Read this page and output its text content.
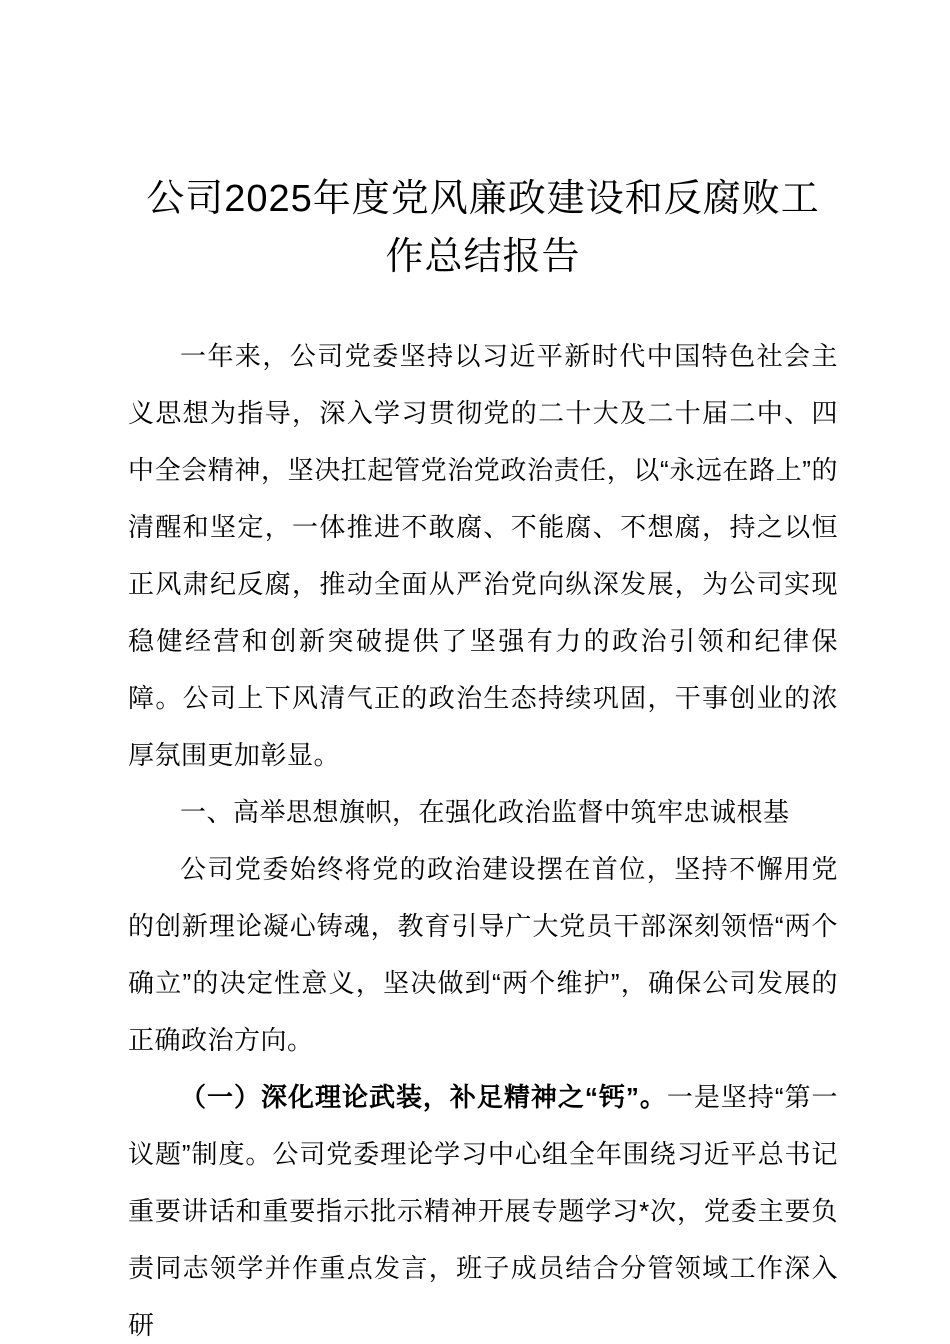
公司2025年度党风廉政建设和反腐败工作总结报告

一年来，公司党委坚持以习近平新时代中国特色社会主义思想为指导，深入学习贯彻党的二十大及二十届二中、四中全会精神，坚决扛起管党治党政治责任，以“永远在路上”的清醒和坚定，一体推进不敢腐、不能腐、不想腐，持之以恒正风肃纪反腐，推动全面从严治党向纵深发展，为公司实现稳健经营和创新突破提供了坚强有力的政治引领和纪律保障。公司上下风清气正的政治生态持续巩固，干事创业的浓厚氛围更加彰显。

一、高举思想旗帜，在强化政治监督中筑牢忠诚根基

公司党委始终将党的政治建设摆在首位，坚持不懈用党的创新理论凝心铸魂，教育引导广大党员干部深刻领悟“两个确立”的决定性意义，坚决做到“两个维护”，确保公司发展的正确政治方向。

（一）深化理论武装，补足精神之“钙”。一是坚持“第一议题”制度。公司党委理论学习中心组全年围绕习近平总书记重要讲话和重要指示批示精神开展专题学习*次，党委主要负责同志领学并作重点发言，班子成员结合分管领域工作深入研
